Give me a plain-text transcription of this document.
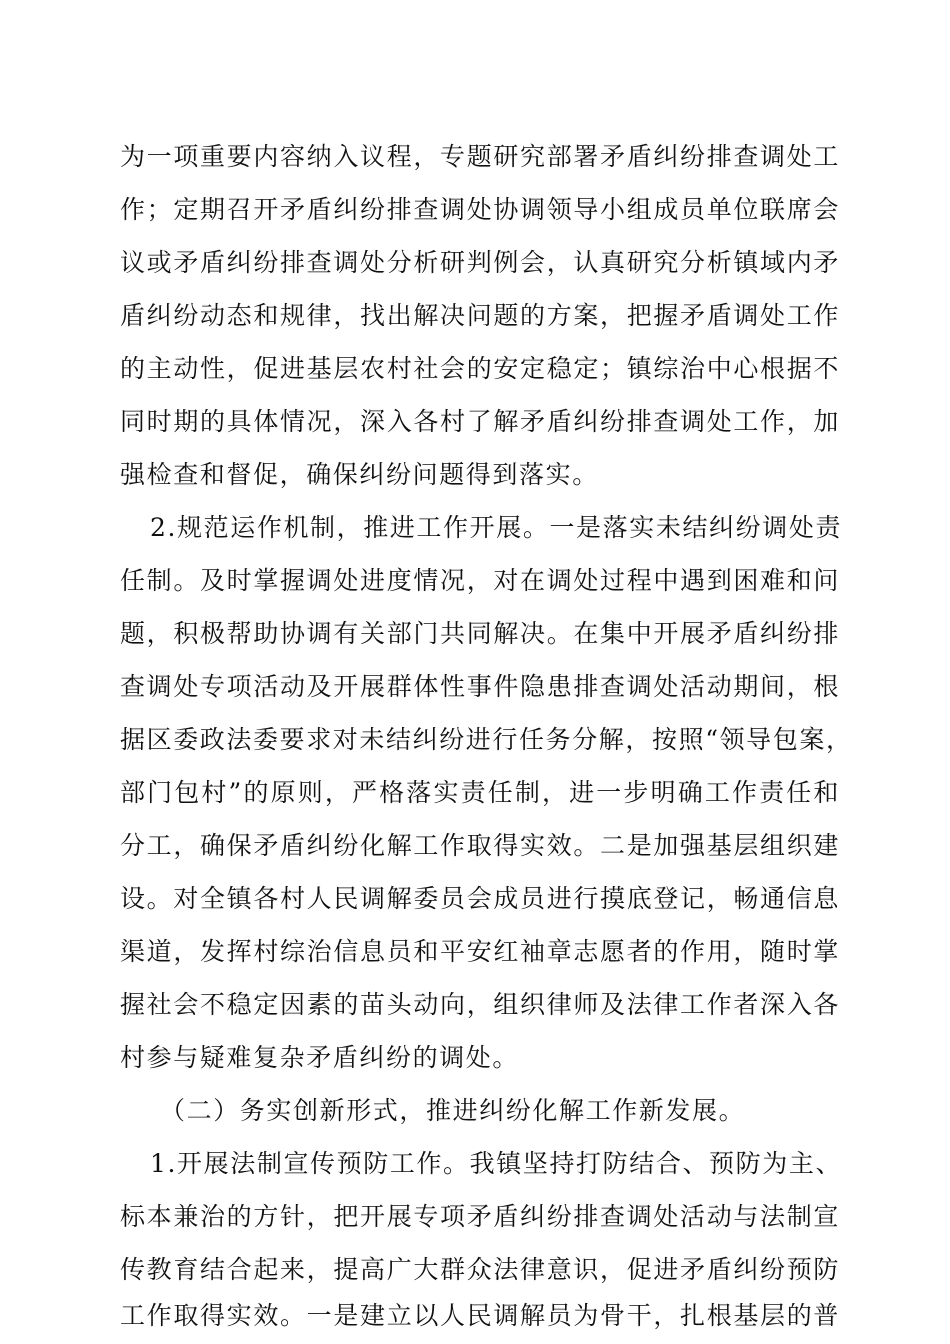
为一项重要内容纳入议程，专题研究部署矛盾纠纷排查调处工
作；定期召开矛盾纠纷排查调处协调领导小组成员单位联席会
议或矛盾纠纷排查调处分析研判例会，认真研究分析镇域内矛
盾纠纷动态和规律，找出解决问题的方案，把握矛盾调处工作
的主动性，促进基层农村社会的安定稳定；镇综治中心根据不
同时期的具体情况，深入各村了解矛盾纠纷排查调处工作，加
强检查和督促，确保纠纷问题得到落实。
2.规范运作机制，推进工作开展。一是落实未结纠纷调处责
任制。及时掌握调处进度情况，对在调处过程中遇到困难和问
题，积极帮助协调有关部门共同解决。在集中开展矛盾纠纷排
查调处专项活动及开展群体性事件隐患排查调处活动期间，根
据区委政法委要求对未结纠纷进行任务分解，按照“领导包案，
部门包村”的原则，严格落实责任制，进一步明确工作责任和
分工，确保矛盾纠纷化解工作取得实效。二是加强基层组织建
设。对全镇各村人民调解委员会成员进行摸底登记，畅通信息
渠道，发挥村综治信息员和平安红袖章志愿者的作用，随时掌
握社会不稳定因素的苗头动向，组织律师及法律工作者深入各
村参与疑难复杂矛盾纠纷的调处。
（二）务实创新形式，推进纠纷化解工作新发展。
1.开展法制宣传预防工作。我镇坚持打防结合、预防为主、
标本兼治的方针，把开展专项矛盾纠纷排查调处活动与法制宣
传教育结合起来，提高广大群众法律意识，促进矛盾纠纷预防
工作取得实效。一是建立以人民调解员为骨干，扎根基层的普
